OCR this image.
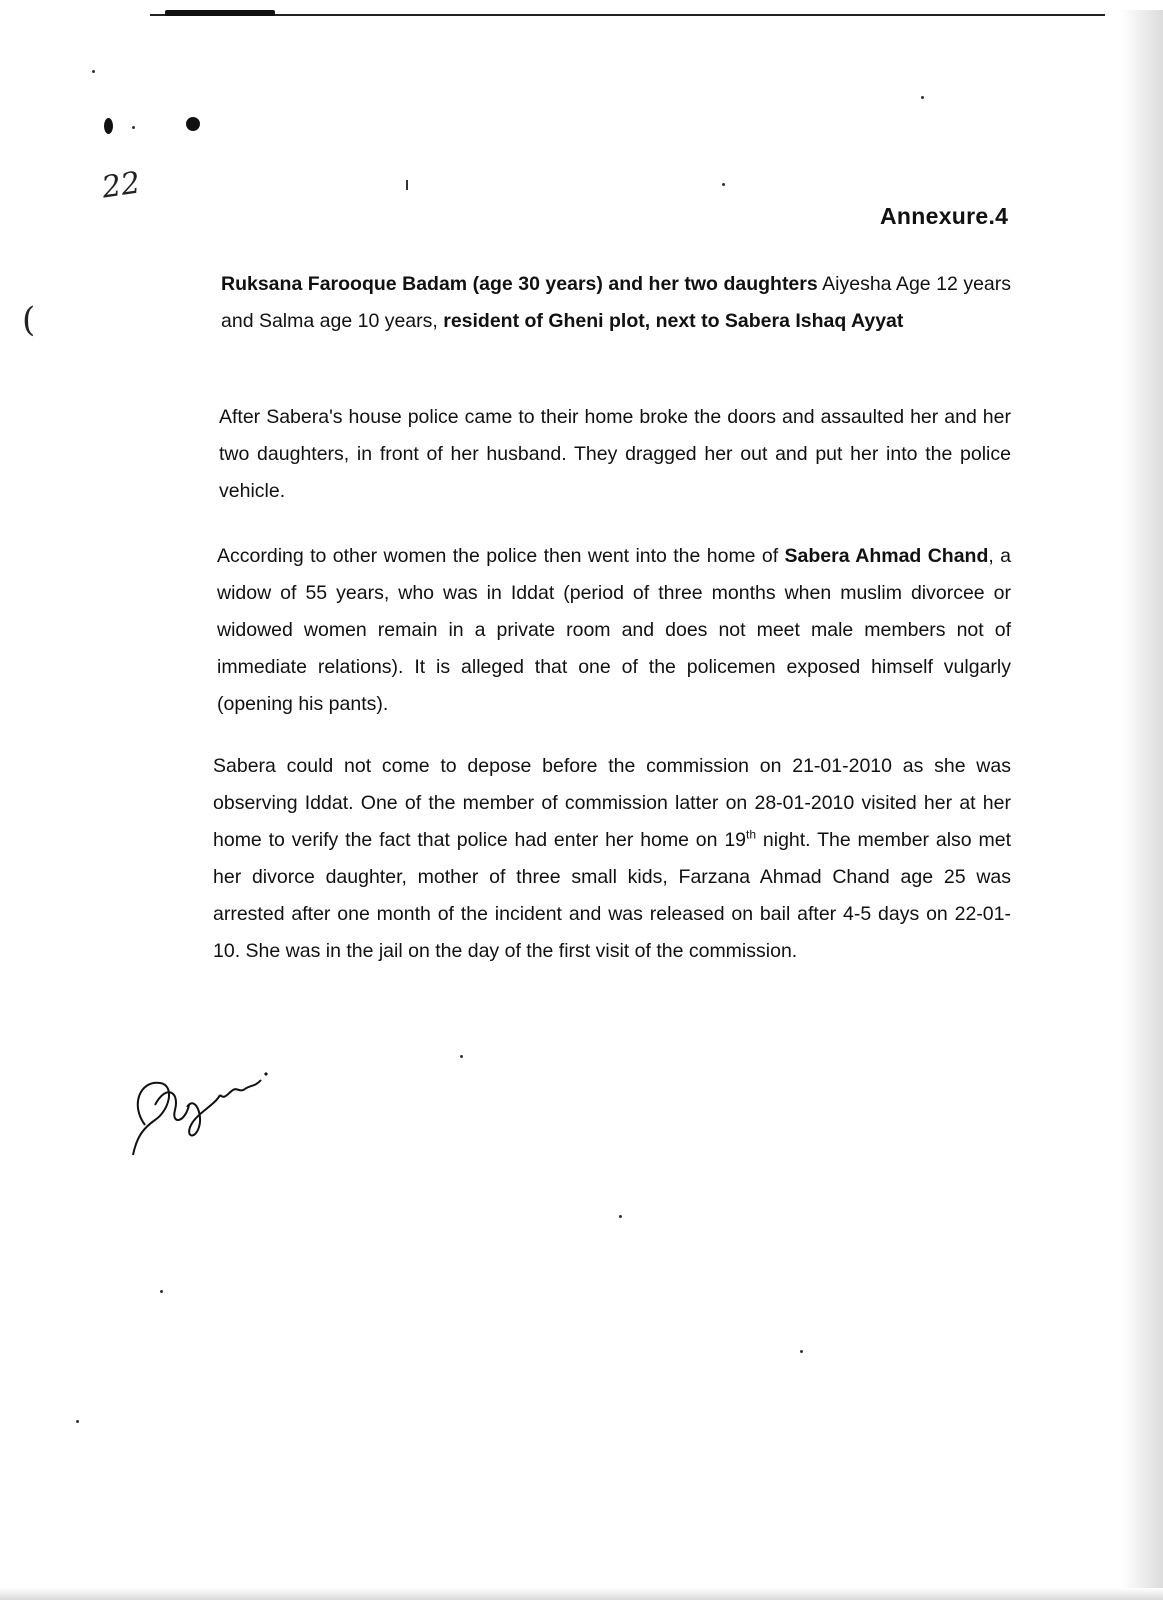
22
(
Annexure.4
Ruksana Farooque Badam (age 30 years) and her two daughters Aiyesha Age 12 years and Salma age 10 years, resident of Gheni plot, next to Sabera Ishaq Ayyat
After Sabera's house police came to their home broke the doors and assaulted her and her two daughters, in front of her husband. They dragged her out and put her into the police vehicle.
According to other women the police then went into the home of Sabera Ahmad Chand, a widow of 55 years, who was in Iddat (period of three months when muslim divorcee or widowed women remain in a private room and does not meet male members not of immediate relations). It is alleged that one of the policemen exposed himself vulgarly (opening his pants).
Sabera could not come to depose before the commission on 21-01-2010 as she was observing Iddat. One of the member of commission latter on 28-01-2010 visited her at her home to verify the fact that police had enter her home on 19th night. The member also met her divorce daughter, mother of three small kids, Farzana Ahmad Chand age 25 was arrested after one month of the incident and was released on bail after 4-5 days on 22-01-10. She was in the jail on the day of the first visit of the commission.
